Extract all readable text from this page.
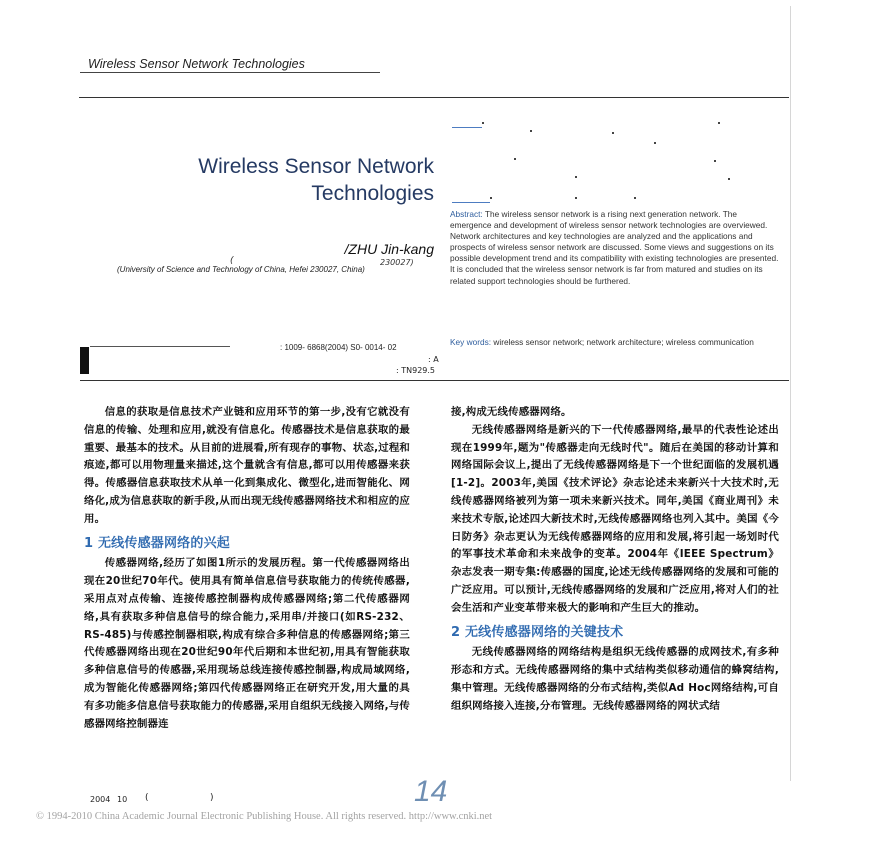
Wireless Sensor Network Technologies
Wireless Sensor Network
Technologies
/ZHU Jin-kang
(	230027)
(University of Science and Technology of China, Hefei 230027, China)
Abstract: The wireless sensor network is a rising next generation network. The emergence and development of wireless sensor network technologies are overviewed. Network architectures and key technologies are analyzed and the applications and prospects of wireless sensor network are discussed. Some views and suggestions on its possible development trend and its compatibility with existing technologies are presented. It is concluded that the wireless sensor network is far from matured and studies on its related support technologies should be furthered.
Key words: wireless sensor network; network architecture; wireless communication
: 1009- 6868(2004) S0- 0014- 02
: A
: TN929.5

信息的获取是信息技术产业链和应用环节的第一步,没有它就没有信息的传输、处理和应用,就没有信息化。传感器技术是信息获取的最重要、最基本的技术。从目前的进展看,所有现存的事物、状态,过程和痕迹,都可以用物理量来描述,这个量就含有信息,都可以用传感器来获得。传感器信息获取技术从单一化到集成化、微型化,进而智能化、网络化,成为信息获取的新手段,从而出现无线传感器网络技术和相应的应用。

1 无线传感器网络的兴起

传感器网络,经历了如图1所示的发展历程。第一代传感器网络出现在20世纪70年代。使用具有简单信息信号获取能力的传统传感器,采用点对点传输、连接传感控制器构成传感器网络;第二代传感器网络,具有获取多种信息信号的综合能力,采用串/并接口(如RS-232、RS-485)与传感控制器相联,构成有综合多种信息的传感器网络;第三代传感器网络出现在20世纪90年代后期和本世纪初,用具有智能获取多种信息信号的传感器,采用现场总线连接传感控制器,构成局域网络,成为智能化传感器网络;第四代传感器网络正在研究开发,用大量的具有多功能多信息信号获取能力的传感器,采用自组织无线接入网络,与传感器网络控制器连

接,构成无线传感器网络。

无线传感器网络是新兴的下一代传感器网络,最早的代表性论述出现在1999年,题为"传感器走向无线时代"。随后在美国的移动计算和网络国际会议上,提出了无线传感器网络是下一个世纪面临的发展机遇[1-2]。2003年,美国《技术评论》杂志论述未来新兴十大技术时,无线传感器网络被列为第一项未来新兴技术。同年,美国《商业周刊》未来技术专版,论述四大新技术时,无线传感器网络也列入其中。美国《今日防务》杂志更认为无线传感器网络的应用和发展,将引起一场划时代的军事技术革命和未来战争的变革。2004年《IEEE Spectrum》杂志发表一期专集:传感器的国度,论述无线传感器网络的发展和可能的广泛应用。可以预计,无线传感器网络的发展和广泛应用,将对人们的社会生活和产业变革带来极大的影响和产生巨大的推动。

2 无线传感器网络的关键技术

无线传感器网络的网络结构是组织无线传感器的成网技术,有多种形态和方式。无线传感器网络的集中式结构类似移动通信的蜂窝结构,集中管理。无线传感器网络的分布式结构,类似Ad Hoc网络结构,可自组织网络接入连接,分布管理。无线传感器网络的网状式结

2004 10 (	)	14
© 1994-2010 China Academic Journal Electronic Publishing House. All rights reserved. http://www.cnki.net
